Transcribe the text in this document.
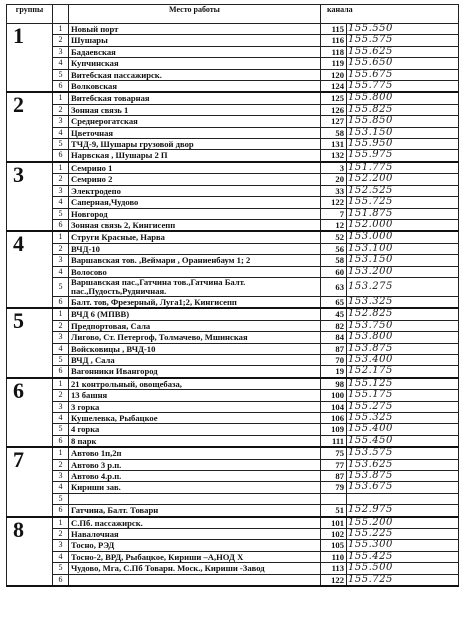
группы		Место работы	канала	
1	1	Новый порт	115	155.550
	2	Шушары	116	155.575
	3	Бадаевская	118	155.625
	4	Купчинская	119	155.650
	5	Витебская пассажирск.	120	155.675
	6	Волковская	124	155.775
2	1	Витебская товарная	125	155.800
	2	Зонная связь 1	126	155.825
	3	Среднерогатская	127	155.850
	4	Цветочная	58	153.150
	5	ТЧД-9, Шушары грузовой двор	131	155.950
	6	Нарвская , Шушары 2 П	132	155.975
3	1	Семрино 1	3	151.775
	2	Семрино 2	20	152.200
	3	Электродепо	33	152.525
	4	Саперная,Чудово	122	155.725
	5	Новгород	7	151.875
	6	Зонная связь 2, Кингисепп	12	152.000
4	1	Струги Красные, Нарва	52	153.000
	2	ВЧД-10	56	153.100
	3	Варшавская тов. ,Веймари , Ораниенбаум 1; 2	58	153.150
	4	Волосово	60	153.200
	5	Варшавская пас.,Гатчина тов.,Гатчина Балт. пас.,Пудость,Рудничная.	63	153.275
	6	Балт. тов, Фрезерный, Луга1;2, Кингисепп	65	153.325
5	1	ВЧД 6 (МПВВ)	45	152.825
	2	Предпортовая, Сала	82	153.750
	3	Лигово, Ст. Петергоф, Толмачево, Мшинская	84	153.800
	4	Войсковицы , ВЧД-10	87	153.875
	5	ВЧД , Сала	70	153.400
	6	Вагонники Ивангород	19	152.175
6	1	21 контрольный, овощебаза,	98	155.125
	2	13 башня	100	155.175
	3	3 горка	104	155.275
	4	Кушелевка, Рыбацкое	106	155.325
	5	4 горка	109	155.400
	6	8 парк	111	155.450
7	1	Автово 1п,2п	75	153.575
	2	Автово 3 р.п.	77	153.625
	3	Автово 4.р.п.	87	153.875
	4	Кириши зав.	79	153.675
	5			
	6	Гатчина, Балт. Товарн	51	152.975
8	1	С.Пб. пассажирск.	101	155.200
	2	Навалочная	102	155.225
	3	Тосно, РЭД	105	155.300
	4	Тосно-2, ВРД, Рыбацкое, Кириши –А,НОД Х	110	155.425
	5	Чудово, Мга, С.Пб Товарн. Моск., Кириши -Завод	113	155.500
	6		122	155.725
